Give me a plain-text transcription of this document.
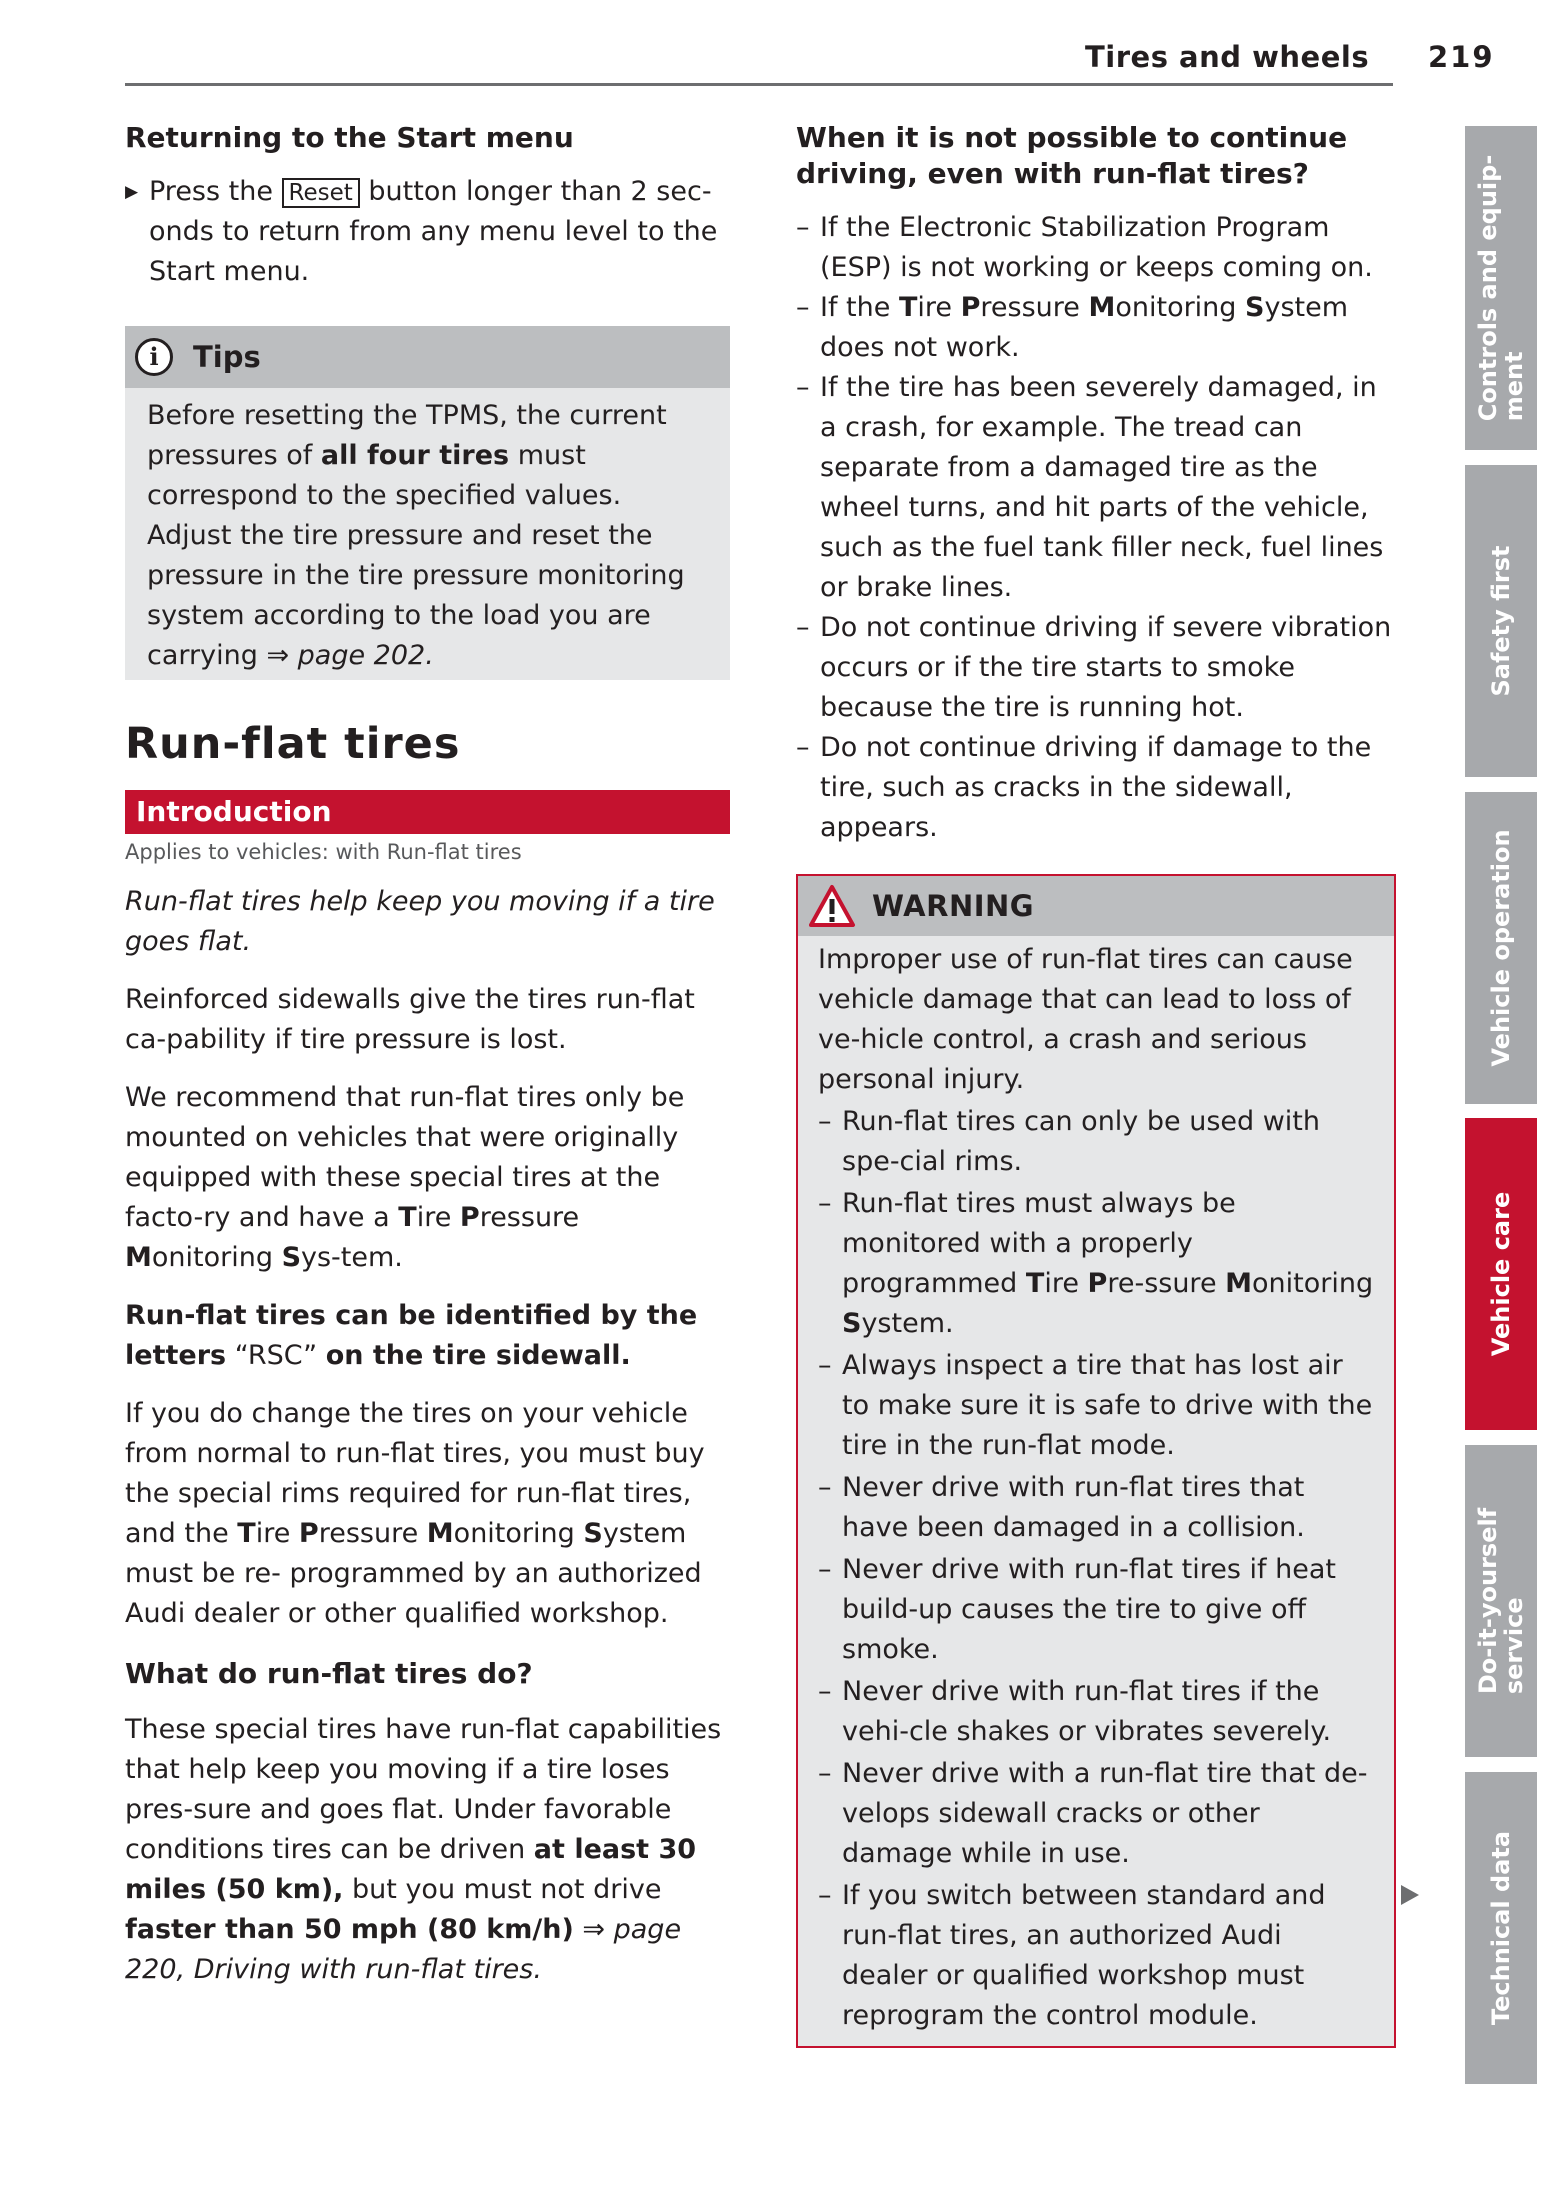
Tires and wheels 219
Returning to the Start menu
▶ Press the Reset button longer than 2 sec- onds to return from any menu level to the Start menu.
i	Tips

Before resetting the TPMS, the current pressures of all four tires must correspond to the specified values. Adjust the tire pressure and reset the pressure in the tire pressure monitoring system according to the load you are carrying ⇒ page 202.

Run-flat tires
Introduction
Applies to vehicles: with Run-flat tires

Run-flat tires help keep you moving if a tire goes flat.

Reinforced sidewalls give the tires run-flat ca-pability if tire pressure is lost.

We recommend that run-flat tires only be mounted on vehicles that were originally equipped with these special tires at the facto-ry and have a Tire Pressure Monitoring Sys-tem.

Run-flat tires can be identified by the letters “RSC” on the tire sidewall.

If you do change the tires on your vehicle from normal to run-flat tires, you must buy the special rims required for run-flat tires, and the Tire Pressure Monitoring System must be re- programmed by an authorized Audi dealer or other qualified workshop.

What do run-flat tires do?

These special tires have run-flat capabilities that help keep you moving if a tire loses pres-sure and goes flat. Under favorable conditions tires can be driven at least 30 miles (50 km), but you must not drive faster than 50 mph (80 km/h) ⇒ page 220, Driving with run-flat tires.

When it is not possible to continue driving, even with run-flat tires?
– If the Electronic Stabilization Program (ESP) is not working or keeps coming on.
– If the Tire Pressure Monitoring System does not work.
– If the tire has been severely damaged, in a crash, for example. The tread can separate from a damaged tire as the wheel turns, and hit parts of the vehicle, such as the fuel tank filler neck, fuel lines or brake lines.
– Do not continue driving if severe vibration occurs or if the tire starts to smoke because the tire is running hot.
– Do not continue driving if damage to the tire, such as cracks in the sidewall, appears.
WARNING

Improper use of run-flat tires can cause vehicle damage that can lead to loss of ve-hicle control, a crash and serious personal injury.

– Run-flat tires can only be used with spe-cial rims.
– Run-flat tires must always be monitored with a properly programmed Tire Pre-ssure Monitoring System.
– Always inspect a tire that has lost air to make sure it is safe to drive with the tire in the run-flat mode.
– Never drive with run-flat tires that have been damaged in a collision.
– Never drive with run-flat tires if heat build-up causes the tire to give off smoke.
– Never drive with run-flat tires if the vehi-cle shakes or vibrates severely.
– Never drive with a run-flat tire that de-velops sidewall cracks or other damage while in use.
– If you switch between standard and run-flat tires, an authorized Audi dealer or qualified workshop must reprogram the control module.
Controls and equip-
ment
Safety first
Vehicle operation
Vehicle care
Do-it-yourself
service
Technical data
